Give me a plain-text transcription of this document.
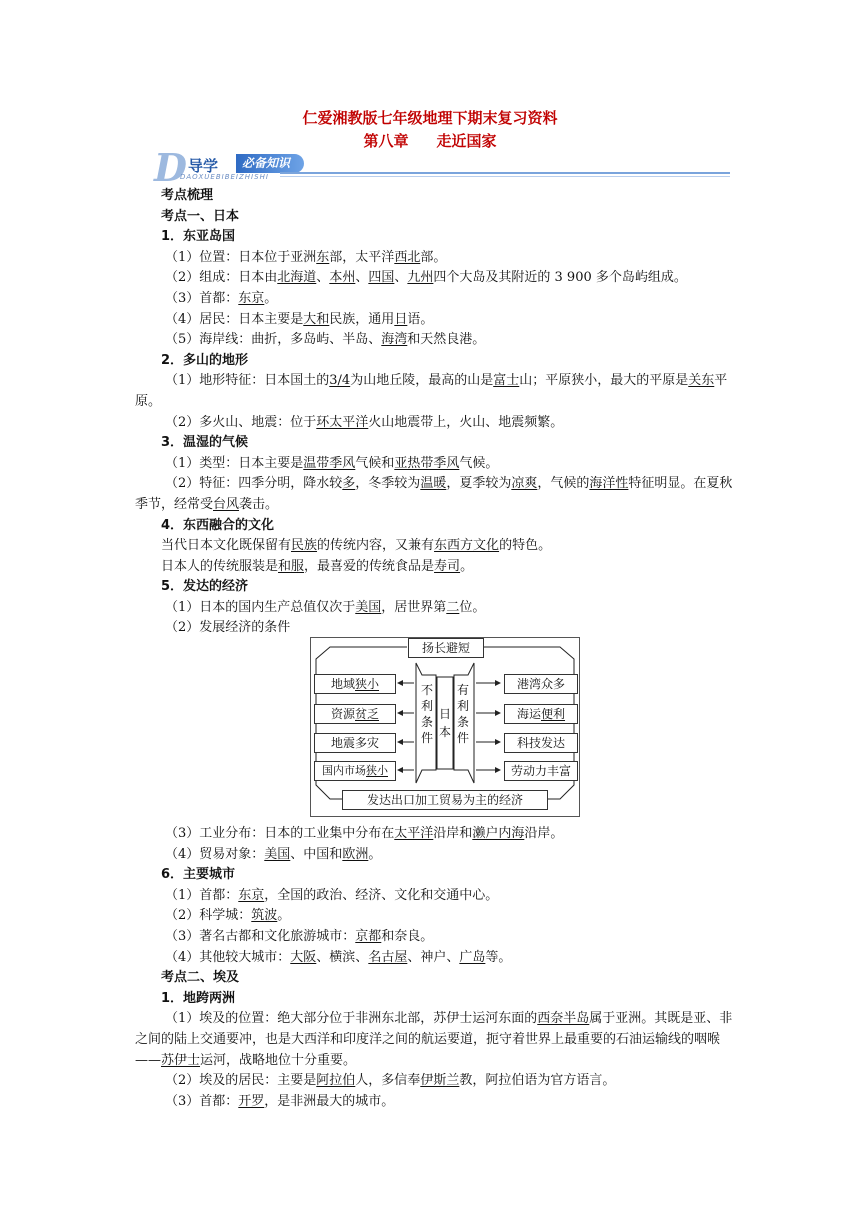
仁爱湘教版七年级地理下期末复习资料
第八章 走近国家
D 导学	必备知识
DAOXUEBIBEIZHISHI

考点梳理

考点一、日本

1．东亚岛国

（1）位置：日本位于亚洲东部，太平洋西北部。

（2）组成：日本由北海道、本州、四国、九州四个大岛及其附近的 3 900 多个岛屿组成。

（3）首都：东京。

（4）居民：日本主要是大和民族，通用日语。

（5）海岸线：曲折，多岛屿、半岛、海湾和天然良港。

2．多山的地形

（1）地形特征：日本国土的3/4为山地丘陵，最高的山是富士山；平原狭小，最大的平原是关东平原。

（2）多火山、地震：位于环太平洋火山地震带上，火山、地震频繁。

3．温湿的气候

（1）类型：日本主要是温带季风气候和亚热带季风气候。

（2）特征：四季分明，降水较多，冬季较为温暖，夏季较为凉爽，气候的海洋性特征明显。在夏秋季节，经常受台风袭击。

4．东西融合的文化

当代日本文化既保留有民族的传统内容，又兼有东西方文化的特色。

日本人的传统服装是和服，最喜爱的传统食品是寿司。

5．发达的经济

（1）日本的国内生产总值仅次于美国，居世界第二位。

（2）发展经济的条件

（3）工业分布：日本的工业集中分布在太平洋沿岸和濑户内海沿岸。

（4）贸易对象：美国、中国和欧洲。

6．主要城市

（1）首都：东京，全国的政治、经济、文化和交通中心。

（2）科学城：筑波。

（3）著名古都和文化旅游城市：京都和奈良。

（4）其他较大城市：大阪、横滨、名古屋、神户、广岛等。

考点二、埃及

1．地跨两洲

（1）埃及的位置：绝大部分位于非洲东北部，苏伊士运河东面的西奈半岛属于亚洲。其既是亚、非之间的陆上交通要冲，也是大西洋和印度洋之间的航运要道，扼守着世界上最重要的石油运输线的咽喉——苏伊士运河，战略地位十分重要。

（2）埃及的居民：主要是阿拉伯人，多信奉伊斯兰教，阿拉伯语为官方语言。

（3）首都：开罗，是非洲最大的城市。

扬长避短
地域狭小
资源贫乏
地震多灾
国内市场狭小
不
利
条
件
日
本
有
利
条
件
港湾众多
海运便利
科技发达
劳动力丰富
发达出口加工贸易为主的经济
